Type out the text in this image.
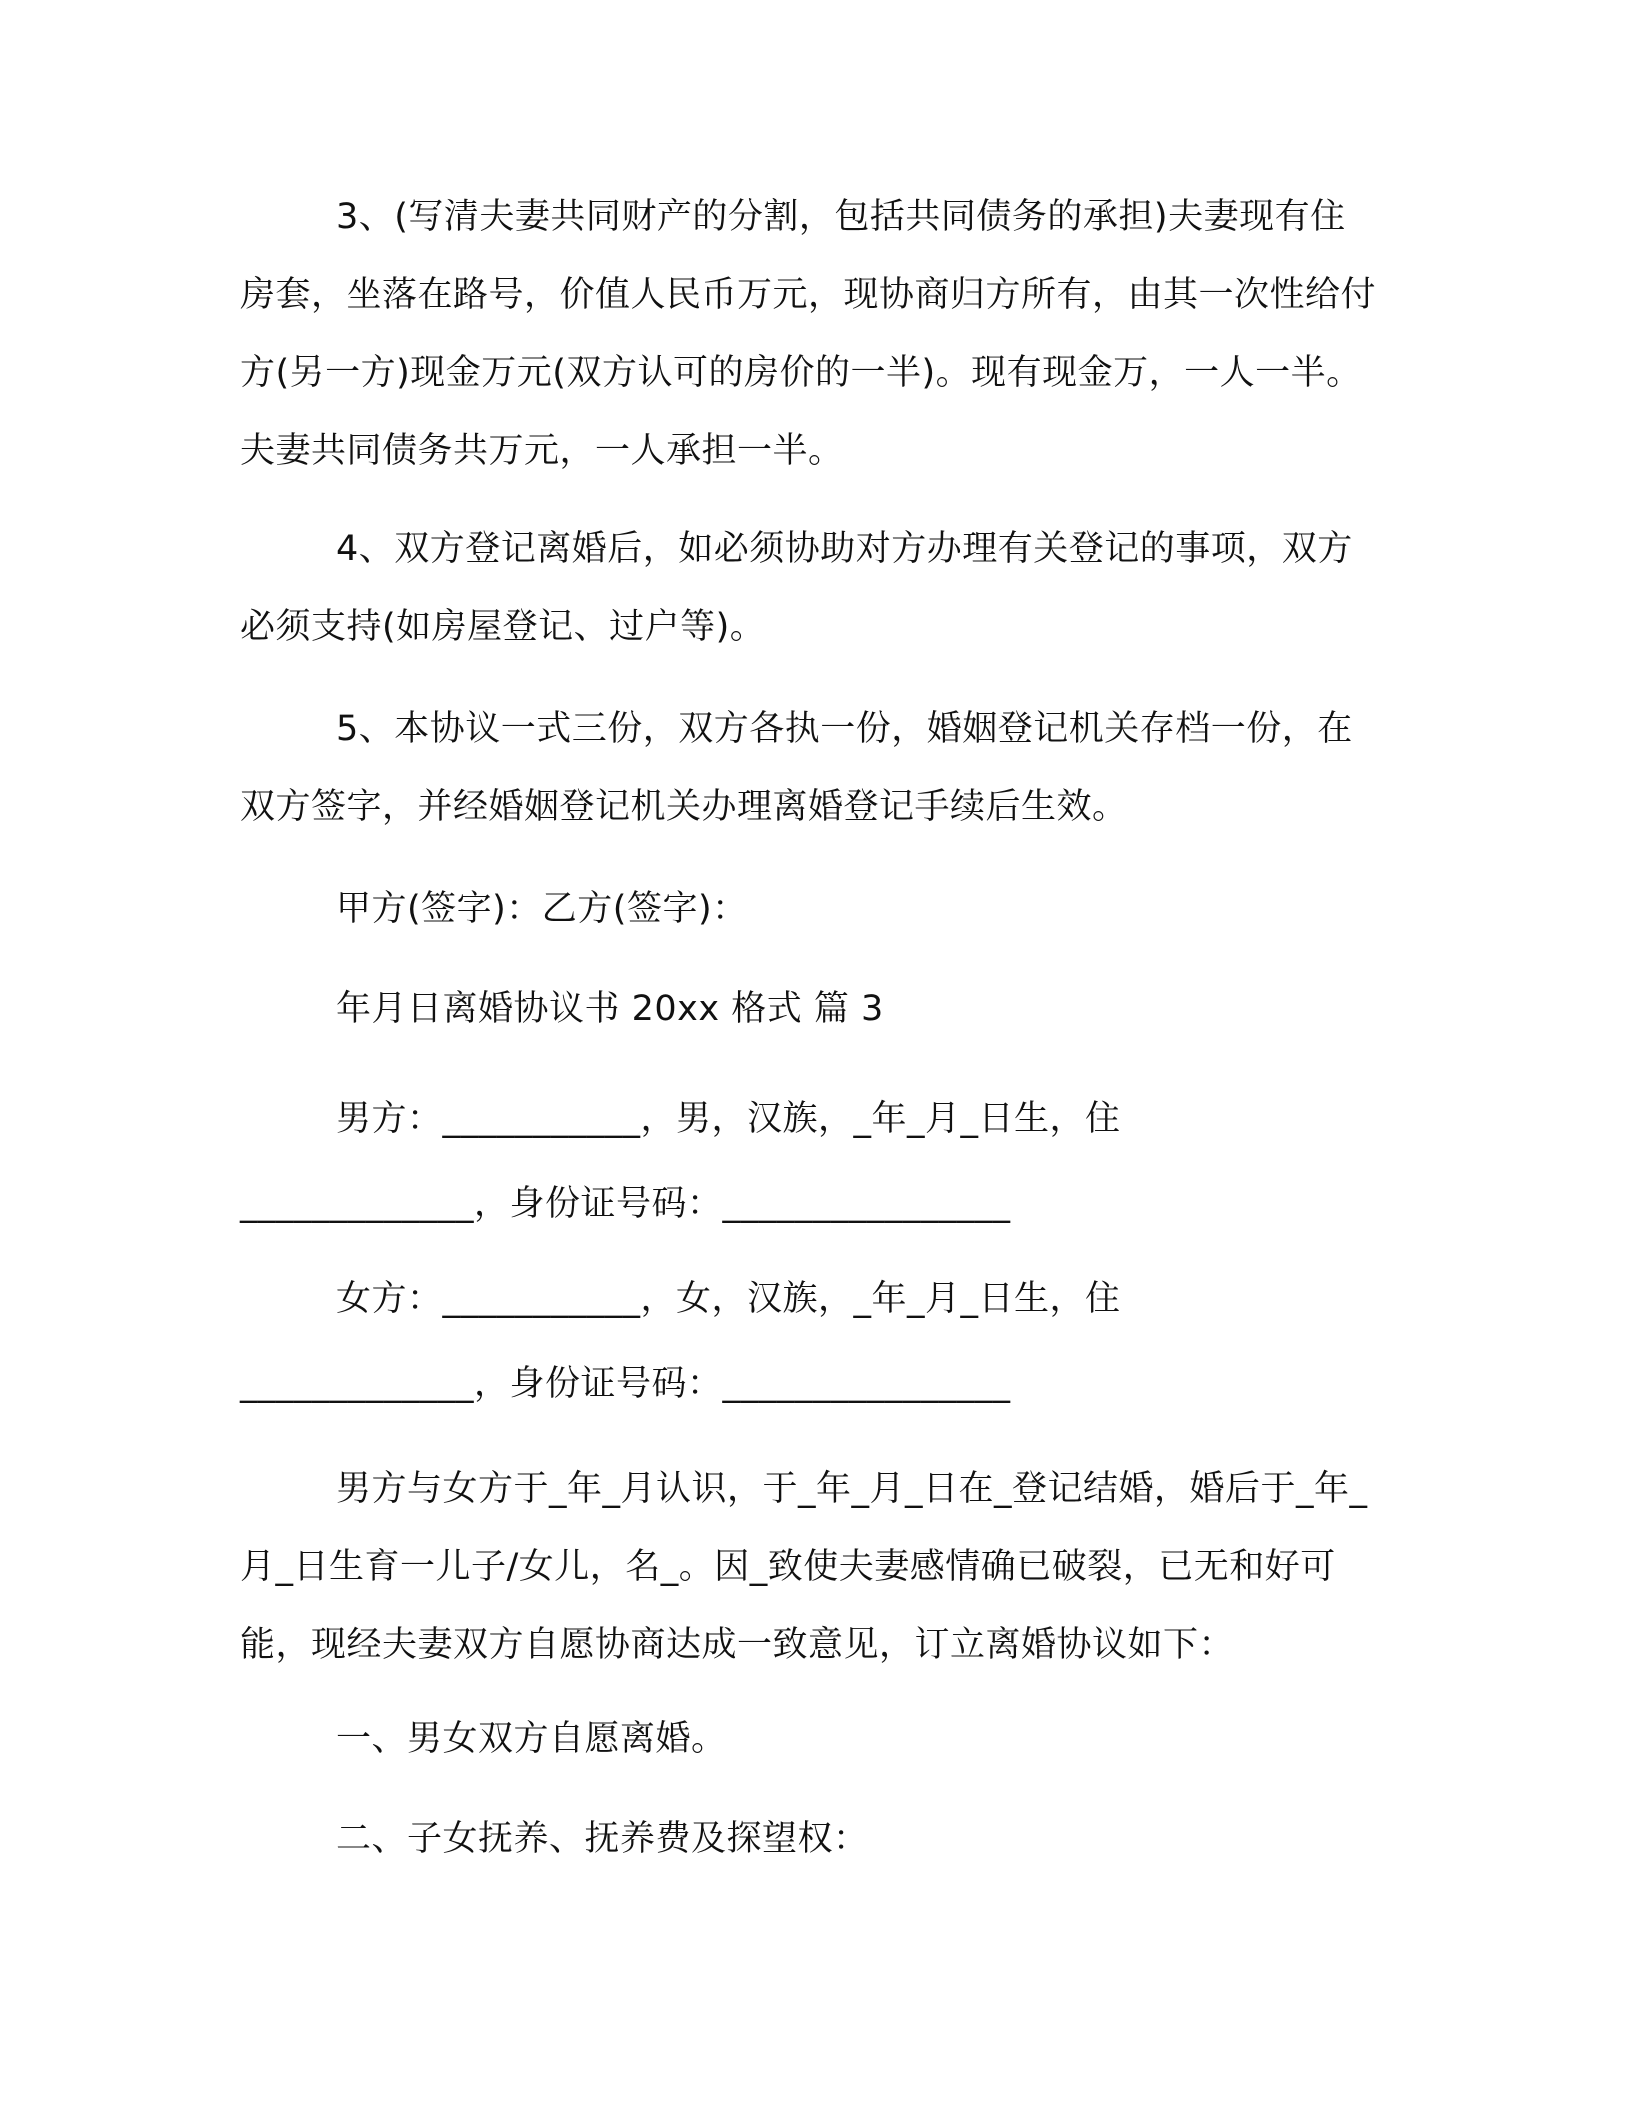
3、(写清夫妻共同财产的分割，包括共同债务的承担)夫妻现有住房套，坐落在路号，价值人民币万元，现协商归方所有，由其一次性给付方(另一方)现金万元(双方认可的房价的一半)。现有现金万，一人一半。夫妻共同债务共万元，一人承担一半。

4、双方登记离婚后，如必须协助对方办理有关登记的事项，双方必须支持(如房屋登记、过户等)。

5、本协议一式三份，双方各执一份，婚姻登记机关存档一份，在双方签字，并经婚姻登记机关办理离婚登记手续后生效。

甲方(签字)：乙方(签字)：

年月日离婚协议书 20xx 格式 篇 3

男方：___________，男，汉族，_年_月_日生，住

_____________，身份证号码：________________

女方：___________，女，汉族，_年_月_日生，住

_____________，身份证号码：________________

男方与女方于_年_月认识，于_年_月_日在_登记结婚，婚后于_年_月_日生育一儿子/女儿，名_。因_致使夫妻感情确已破裂，已无和好可能，现经夫妻双方自愿协商达成一致意见，订立离婚协议如下：

一、男女双方自愿离婚。

二、子女抚养、抚养费及探望权：
